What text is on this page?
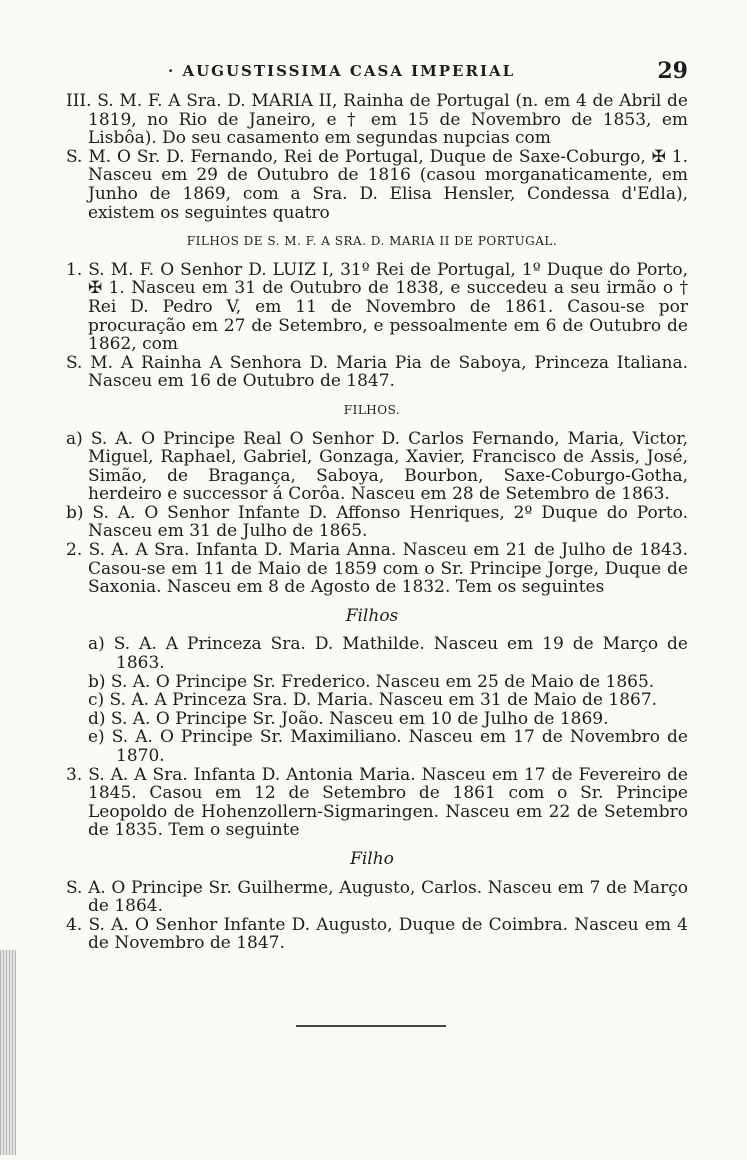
· AUGUSTISSIMA CASA IMPERIAL	29

III. S. M. F. A Sra. D. MARIA II, Rainha de Portugal (n. em 4 de Abril de 1819, no Rio de Janeiro, e † em 15 de Novembro de 1853, em Lisbôa). Do seu casamento em segundas nupcias com

S. M. O Sr. D. Fernando, Rei de Portugal, Duque de Saxe-Coburgo, ✠ 1. Nasceu em 29 de Outubro de 1816 (casou morganaticamente, em Junho de 1869, com a Sra. D. Elisa Hensler, Condessa d'Edla), existem os seguintes quatro

FILHOS DE S. M. F. A SRA. D. MARIA II DE PORTUGAL.

1. S. M. F. O Senhor D. LUIZ I, 31º Rei de Portugal, 1º Duque do Porto, ✠ 1. Nasceu em 31 de Outubro de 1838, e succedeu a seu irmão o † Rei D. Pedro V, em 11 de Novembro de 1861. Casou-se por procuração em 27 de Setembro, e pessoalmente em 6 de Outubro de 1862, com

S. M. A Rainha A Senhora D. Maria Pia de Saboya, Princeza Italiana. Nasceu em 16 de Outubro de 1847.

FILHOS.

a) S. A. O Principe Real O Senhor D. Carlos Fernando, Maria, Victor, Miguel, Raphael, Gabriel, Gonzaga, Xavier, Francisco de Assis, José, Simão, de Bragança, Saboya, Bourbon, Saxe-Coburgo-Gotha, herdeiro e successor á Corôa. Nasceu em 28 de Setembro de 1863.

b) S. A. O Senhor Infante D. Affonso Henriques, 2º Duque do Porto. Nasceu em 31 de Julho de 1865.

2. S. A. A Sra. Infanta D. Maria Anna. Nasceu em 21 de Julho de 1843. Casou-se em 11 de Maio de 1859 com o Sr. Principe Jorge, Duque de Saxonia. Nasceu em 8 de Agosto de 1832. Tem os seguintes

Filhos

a) S. A. A Princeza Sra. D. Mathilde. Nasceu em 19 de Março de 1863.

b) S. A. O Principe Sr. Frederico. Nasceu em 25 de Maio de 1865.

c) S. A. A Princeza Sra. D. Maria. Nasceu em 31 de Maio de 1867.

d) S. A. O Principe Sr. João. Nasceu em 10 de Julho de 1869.

e) S. A. O Principe Sr. Maximiliano. Nasceu em 17 de Novembro de 1870.

3. S. A. A Sra. Infanta D. Antonia Maria. Nasceu em 17 de Fevereiro de 1845. Casou em 12 de Setembro de 1861 com o Sr. Principe Leopoldo de Hohenzollern-Sigmaringen. Nasceu em 22 de Setembro de 1835. Tem o seguinte

Filho

S. A. O Principe Sr. Guilherme, Augusto, Carlos. Nasceu em 7 de Março de 1864.

4. S. A. O Senhor Infante D. Augusto, Duque de Coimbra. Nasceu em 4 de Novembro de 1847.
